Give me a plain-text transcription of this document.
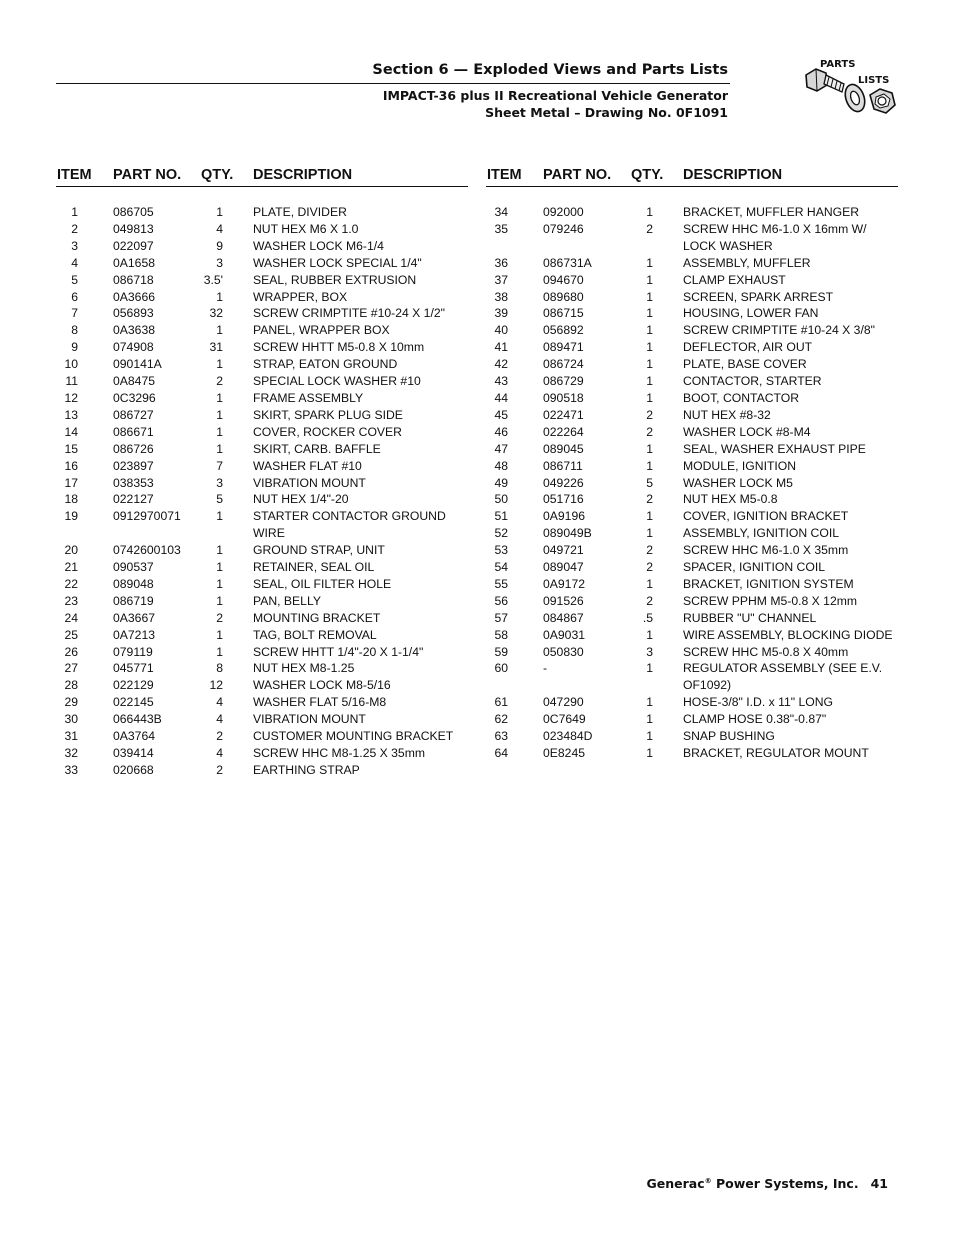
Section 6 — Exploded Views and Parts Lists
IMPACT-36 plus II Recreational Vehicle Generator
Sheet Metal – Drawing No. 0F1091
PARTS
LISTS
ITEM PART NO. QTY. DESCRIPTION
1	086705	1 PLATE, DIVIDER
2	049813	4 NUT HEX M6 X 1.0
3	022097	9 WASHER LOCK M6-1/4
4	0A1658	3 WASHER LOCK SPECIAL 1/4"
5	086718	3.5' SEAL, RUBBER EXTRUSION
6	0A3666	1 WRAPPER, BOX
7	056893	32 SCREW CRIMPTITE #10-24 X 1/2"
8	0A3638	1 PANEL, WRAPPER BOX
9	074908	31 SCREW HHTT M5-0.8 X 10mm
10	090141A	1 STRAP, EATON GROUND
11	0A8475	2 SPECIAL LOCK WASHER #10
12	0C3296	1 FRAME ASSEMBLY
13	086727	1 SKIRT, SPARK PLUG SIDE
14	086671	1 COVER, ROCKER COVER
15	086726	1 SKIRT, CARB. BAFFLE
16	023897	7 WASHER FLAT #10
17	038353	3 VIBRATION MOUNT
18	022127	5 NUT HEX 1/4"-20
19	0912970071	1 STARTER CONTACTOR GROUND WIRE
20	0742600103	1 GROUND STRAP, UNIT
21	090537	1 RETAINER, SEAL OIL
22	089048	1 SEAL, OIL FILTER HOLE
23	086719	1 PAN, BELLY
24	0A3667	2 MOUNTING BRACKET
25	0A7213	1 TAG, BOLT REMOVAL
26	079119	1 SCREW HHTT 1/4"-20 X 1-1/4"
27	045771	8 NUT HEX M8-1.25
28	022129	12 WASHER LOCK M8-5/16
29	022145	4 WASHER FLAT 5/16-M8
30	066443B	4 VIBRATION MOUNT
31	0A3764	2 CUSTOMER MOUNTING BRACKET
32	039414	4 SCREW HHC M8-1.25 X 35mm
33	020668	2 EARTHING STRAP
ITEM PART NO. QTY. DESCRIPTION
34	092000	1 BRACKET, MUFFLER HANGER
35	079246	2 SCREW HHC M6-1.0 X 16mm W/ LOCK WASHER
36	086731A	1 ASSEMBLY, MUFFLER
37	094670	1 CLAMP EXHAUST
38	089680	1 SCREEN, SPARK ARREST
39	086715	1 HOUSING, LOWER FAN
40	056892	1 SCREW CRIMPTITE #10-24 X 3/8"
41	089471	1 DEFLECTOR, AIR OUT
42	086724	1 PLATE, BASE COVER
43	086729	1 CONTACTOR, STARTER
44	090518	1 BOOT, CONTACTOR
45	022471	2 NUT HEX #8-32
46	022264	2 WASHER LOCK #8-M4
47	089045	1 SEAL, WASHER EXHAUST PIPE
48	086711	1 MODULE, IGNITION
49	049226	5 WASHER LOCK M5
50	051716	2 NUT HEX M5-0.8
51	0A9196	1 COVER, IGNITION BRACKET
52	089049B	1 ASSEMBLY, IGNITION COIL
53	049721	2 SCREW HHC M6-1.0 X 35mm
54	089047	2 SPACER, IGNITION COIL
55	0A9172	1 BRACKET, IGNITION SYSTEM
56	091526	2 SCREW PPHM M5-0.8 X 12mm
57	084867	.5 RUBBER "U" CHANNEL
58	0A9031	1 WIRE ASSEMBLY, BLOCKING DIODE
59	050830	3 SCREW HHC M5-0.8 X 40mm
60	-	1 REGULATOR ASSEMBLY (SEE E.V. OF1092)
61	047290	1 HOSE-3/8" I.D. x 11" LONG
62	0C7649	1 CLAMP HOSE 0.38"-0.87"
63	023484D	1 SNAP BUSHING
64	0E8245	1 BRACKET, REGULATOR MOUNT
Generac® Power Systems, Inc. 41
